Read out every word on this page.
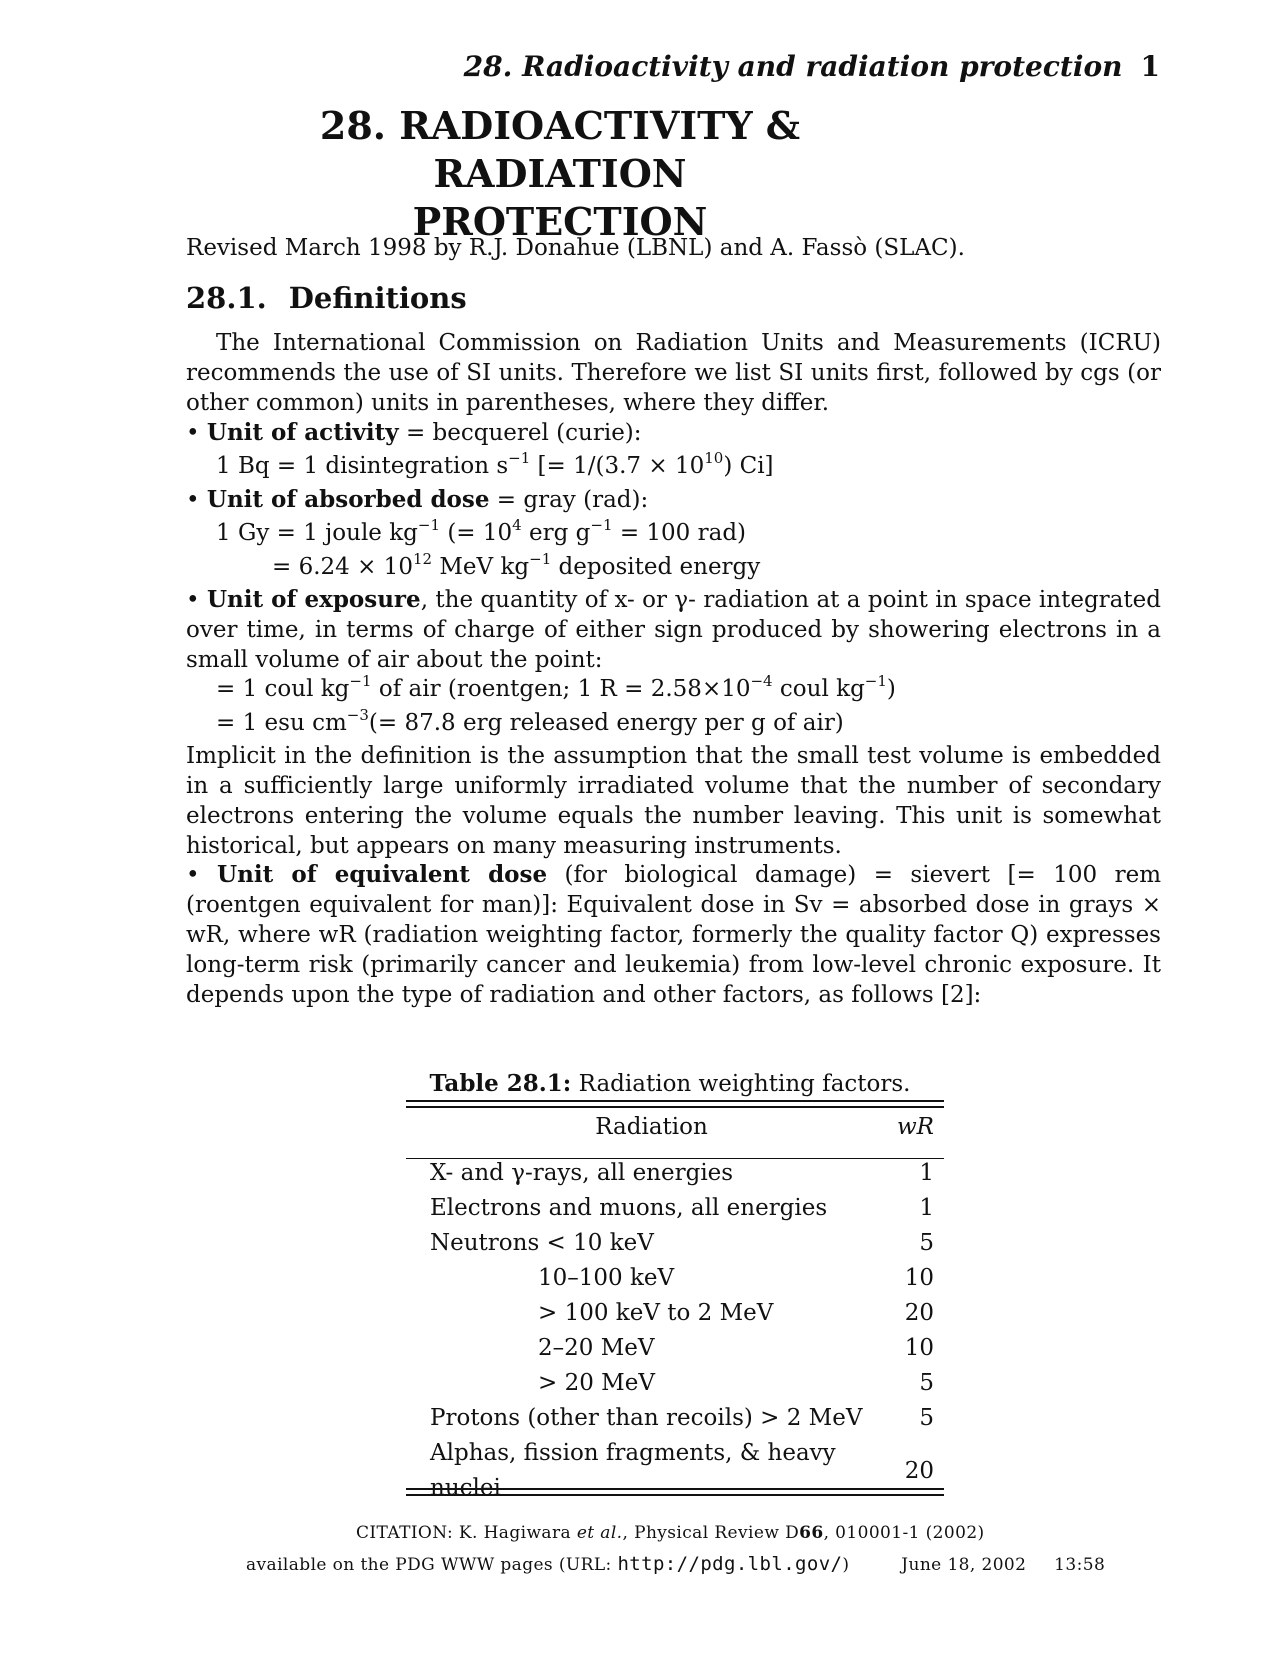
28. Radioactivity and radiation protection 1
28. RADIOACTIVITY &
RADIATION PROTECTION
Revised March 1998 by R.J. Donahue (LBNL) and A. Fassò (SLAC).
28.1. Definitions
The International Commission on Radiation Units and Measurements (ICRU) recommends the use of SI units. Therefore we list SI units first, followed by cgs (or other common) units in parentheses, where they differ.
• Unit of activity = becquerel (curie):
1 Bq = 1 disintegration $s^{-1}$ [= $1/(3.7 \times 10^{10})$ Ci]
• Unit of absorbed dose = gray (rad):
1 Gy = 1 joule $kg^{-1}$ (= $10^4$ erg $g^{-1} = 100$ rad)
= $6.24 \times 10^{12}$ MeV $kg^{-1}$ deposited energy
• Unit of exposure, the quantity of x- or γ- radiation at a point in space integrated over time, in terms of charge of either sign produced by showering electrons in a small volume of air about the point:
= 1 coul $kg^{-1}$ of air (roentgen; 1 $R = 2.58\times 10^{-4}$ coul $kg^{-1}$)
= 1 esu $cm^{-3}(= 87.8$ erg released energy per g of air)
Implicit in the definition is the assumption that the small test volume is embedded in a sufficiently large uniformly irradiated volume that the number of secondary electrons entering the volume equals the number leaving. This unit is somewhat historical, but appears on many measuring instruments.
• Unit of equivalent dose (for biological damage) = sievert [= 100 rem (roentgen equivalent for man)]: Equivalent dose in Sv = absorbed dose in grays × wR, where wR (radiation weighting factor, formerly the quality factor Q) expresses long-term risk (primarily cancer and leukemia) from low-level chronic exposure. It depends upon the type of radiation and other factors, as follows [2]:
Table 28.1: Radiation weighting factors.
Radiation	wR
X- and γ-rays, all energies	1
Electrons and muons, all energies	1
Neutrons < 10 keV	5
10–100 keV	10
> 100 keV to 2 MeV	20
2–20 MeV	10
> 20 MeV	5
Protons (other than recoils) > 2 MeV	5
Alphas, fission fragments, & heavy nuclei	20
CITATION: K. Hagiwara et al., Physical Review D66, 010001-1 (2002)
available on the PDG WWW pages (URL: http://pdg.lbl.gov/)	June 18, 2002 13:58
